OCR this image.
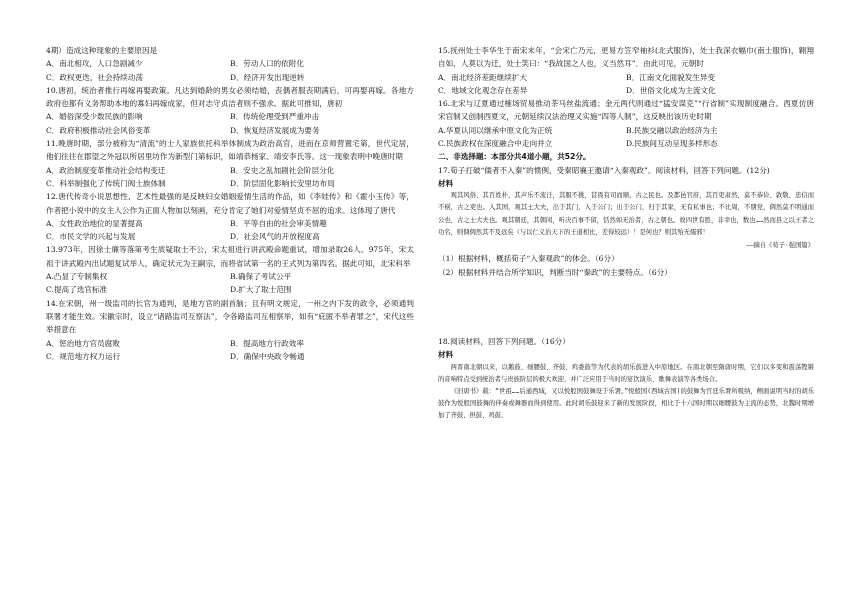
4期）造成这种现象的主要原因是

A．南北相攻，人口急剧减少	B．劳动人口的依附化
C．政权更迭，社会持续动荡	D．经济开发出现逆转

10.唐初，统治者推行再嫁再娶政策。凡达到婚龄的男女必须结婚，丧偶者服丧期满后，可再娶再嫁。各地方政府也都有义务帮助本地的寡妇再嫁成家，但对志守贞洁者则不强求。据此可推知，唐初

A．婚俗深受少数民族的影响	B．传统伦理受到严重冲击
C．政府积极推动社会风俗变革	D．恢复经济发展成为要务

11.晚唐时期，部分被称为“清流”的士人家族依托科举体制成为政治高官，进而在京师营置宅第，世代定居，他们往往在郡望之外冠以所居里坊作为新型门第标识，如靖恭杨家、靖安李氏等。这一现象表明中晚唐时期

A．政治制度变革推动社会结构变迁	B．安史之乱加剧社会阶层分化
C．科举制强化了传统门阀士族体制	D．阶层固化影响长安里坊布局

12.唐代传奇小说思想性、艺术性最强的是反映妇女婚姻爱情生活的作品，如《李娃传》和《霍小玉传》等，作者把小说中的女主人公作为正面人物加以刻画，充分肯定了她们对爱情坚贞不屈的追求。这体现了唐代

A．女性政治地位的显著提高	B．平等自由的社会审美情趣
C．市民文学的兴起与发展	D．社会风气的开放程度高

13.973年，因徐士廉等落第考生质疑取士不公，宋太祖进行讲武殿命题重试，增加录取26人。975年，宋太祖于讲武殿内出试题复试举人，确定状元为王嗣宗，而将省试第一名的王式列为第四名。据此可知，北宋科举

A.凸显了专制集权	B.确保了考试公平
C.提高了选官标准	D.扩大了取士范围

14.在宋朝，州一级监司的长官为通判，是地方官的副首脑；且有明文规定，一州之内下发的政令，必须通判联署才能生效。宋徽宗时，设立“诸路监司互察法”，令各路监司互相察举，如有“庇匿不举者罪之”，宋代这些举措意在

A．惩治地方官员腐败	B．提高地方行政效率
C．规范地方权力运行	D．确保中央政令畅通

15.抚州处士李华生于南宋末年，“会宋亡乃元，更易方笠窄袖衫(北式服饰)，处士我深衣幅巾(南士服饰)，翱翔自如，人莫以为迁，处士笑曰：“我故国之人也，义当然耳”．由此可见，元朝时

A．南北经济差距继续扩大	B．江南文化面貌发生异变
C．地域文化观念存在差异	D．世俗文化成为主流文化

16.北宋与辽夏通过榷场贸易推动茶马丝盐流通；金元两代则通过“猛安谋克”“行省制”实现制度融合。西夏仿唐宋官制又创制西夏文，元朝延续汉法治理又实施“四等人制”，这反映出该历史时期

A.华夏认同以继承中原文化为正统	B.民族交融以政治经济为主
C.民族政权在深度融合中走向并立	D.民族间互动呈现多样形态

二、非选择题：本部分共4道小题，共52分。

17.荀子打破“儒者不入秦”的惯例，受秦昭襄王邀请“入秦观政”。阅读材料，回答下列问题。(12分)

材料

观其风俗，其百姓朴，其声乐不流汙，其服不挑，甚畏有司而顺，古之民也。及都邑官府，其百吏肃然，莫不恭俭、敦敬、忠信而不楛，古之吏也。入其国，观其士大夫，出于其门，入于公门；出于公门，归于其家，无有私事也；不比周，不朋党，倜然莫不明通而公也，古之士大夫也。观其朝廷，其朝闲，听决百事不留，恬然如无治者，古之朝也。故四世有胜，非幸也，数也……然而县之以王者之功名，则倜倜然其不及远矣（与以仁义治天下的王道相比，差得较远）！是何也？则其殆无儒邪！

——摘自《荀子·强国篇》

（1）根据材料，概括荀子“入秦观政”的体会。（6分）

（2）根据材料并结合所学知识，判断当时“秦政”的主要特点。（6分）

18.阅读材料，回答下列问题。（16分）

材料

两晋南北朝以来，以鹅鼓、细腰鼓、齐鼓、鸡娄鼓等为代表的胡乐鼓进入中原地区。在南北朝至隋唐时期，它们以多变和震荡铿锵的音响特点受到统治者与贵族阶层的极大欢迎，并广泛应用于当时的宴饮演乐、歌舞表演等各类场合。

《旧唐书》载：“世祖……后通西域，又以悦般国鼓舞设于乐署。”悦般国(西域古国)的鼓舞为宫廷乐署所吸纳，侧面说明当时的胡乐鼓作为悦般国鼓舞的伴奏或舞器而得到使用。此时胡乐鼓迎来了新的发展阶段，相比于十六国时期以细腰鼓为主流的态势，北魏时期增加了齐鼓、担鼓、鸡鼓、
